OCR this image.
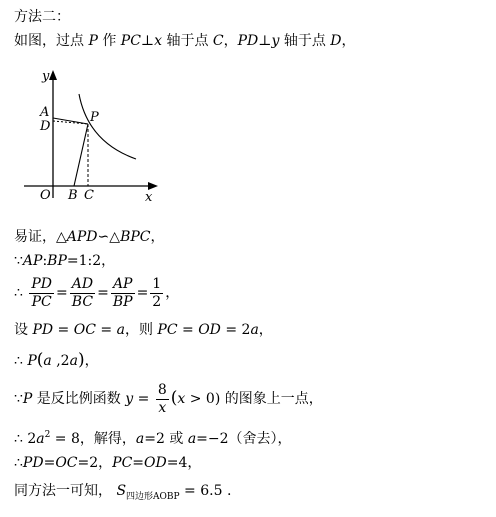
方法二：
如图，过点 P 作 PC⊥x 轴于点 C，PD⊥y 轴于点 D，
y
A
D
P
O B C	x
易证，△APD∽△BPC，
∵AP:BP=1:2，
∴ $\frac{PD}{PC} = \frac{AD}{BC} = \frac{AP}{BP} = \frac{1}{2}$ ，
设 PD = OC = a，则 PC = OD = 2a，
∴ P(a ,2a)，
∵P 是反比例函数 $y = \frac{8}{x} (x > 0)$ 的图象上一点，
∴ $2a^2 = 8$，解得，a=2 或 a=−2（舍去），
∴PD=OC=2，PC=OD=4，
同方法一可知， $S_{四边形AOBP} = 6.5$ .
